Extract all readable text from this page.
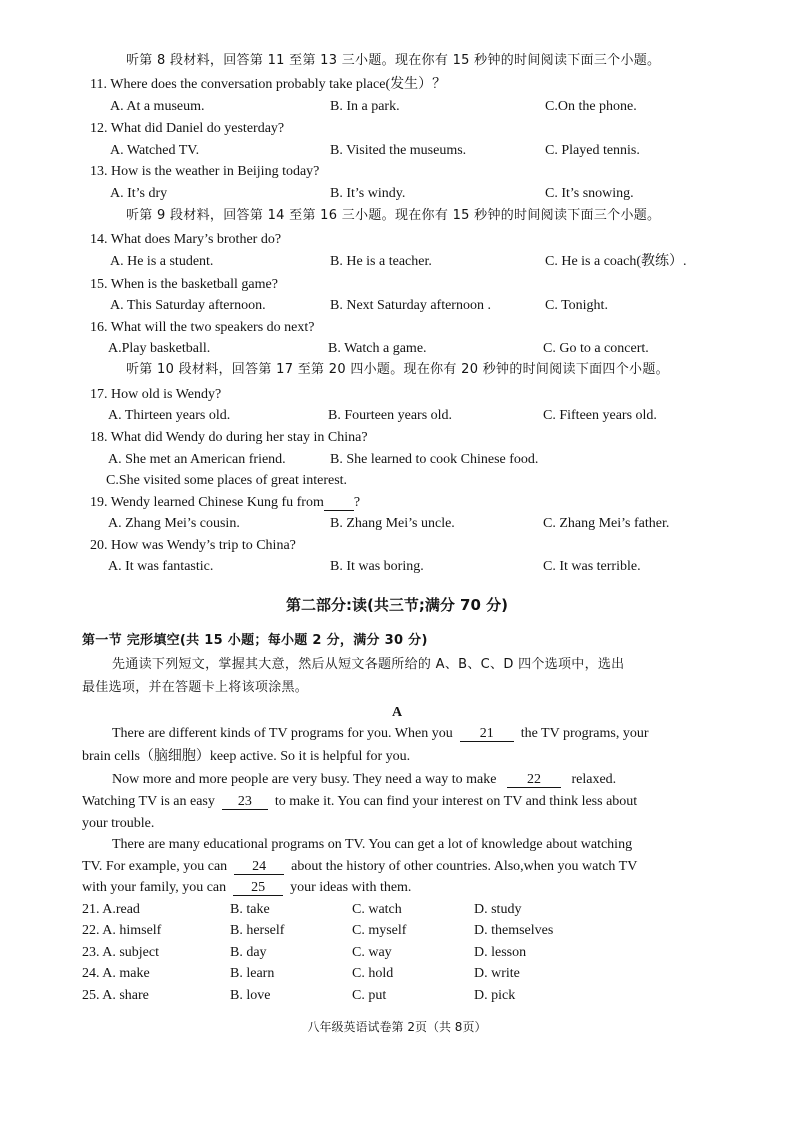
听第 8 段材料，回答第 11 至第 13 三小题。现在你有 15 秒钟的时间阅读下面三个小题。
11. Where does the conversation probably take place(发生）？
A. At a museum.	B. In a park.	C.On the phone.
12. What did Daniel do yesterday?
A. Watched TV.	B. Visited the museums.	C. Played tennis.
13. How is the weather in Beijing today?
A. It’s dry	B. It’s windy.	C. It’s snowing.
听第 9 段材料，回答第 14 至第 16 三小题。现在你有 15 秒钟的时间阅读下面三个小题。
14. What does Mary’s brother do?
A. He is a student.	B. He is a teacher.	C. He is a coach(教练）.
15. When is the basketball game?
A. This Saturday afternoon.	B. Next Saturday afternoon .	C. Tonight.
16. What will the two speakers do next?
A.Play basketball.	B. Watch a game.	C. Go to a concert.
听第 10 段材料，回答第 17 至第 20 四小题。现在你有 20 秒钟的时间阅读下面四个小题。
17. How old is Wendy?
A. Thirteen years old.	B. Fourteen years old.	C. Fifteen years old.
18. What did Wendy do during her stay in China?
A. She met an American friend.	B. She learned to cook Chinese food.
C.She visited some places of great interest.
19. Wendy learned Chinese Kung fu from ?
A. Zhang Mei’s cousin.	B. Zhang Mei’s uncle.	C. Zhang Mei’s father.
20. How was Wendy’s trip to China?
A. It was fantastic.	B. It was boring.	C. It was terrible.
第二部分:读(共三节;满分 70 分)
第一节 完形填空(共 15 小题；每小题 2 分，满分 30 分)
先通读下列短文，掌握其大意，然后从短文各题所给的 A、B、C、D 四个选项中，选出
最佳选项，并在答题卡上将该项涂黑。
A
There are different kinds of TV programs for you. When you 21 the TV programs, your
brain cells（脑细胞）keep active. So it is helpful for you.
Now more and more people are very busy. They need a way to make 22 relaxed.
Watching TV is an easy 23 to make it. You can find your interest on TV and think less about
your trouble.
There are many educational programs on TV. You can get a lot of knowledge about watching
TV. For example, you can 24 about the history of other countries. Also,when you watch TV
with your family, you can 25 your ideas with them.
21. A.read	B. take	C. watch	D. study
22. A. himself	B. herself	C. myself	D. themselves
23. A. subject	B. day	C. way	D. lesson
24. A. make	B. learn	C. hold	D. write
25. A. share	B. love	C. put	D. pick
八年级英语试卷第 2页（共 8页）
